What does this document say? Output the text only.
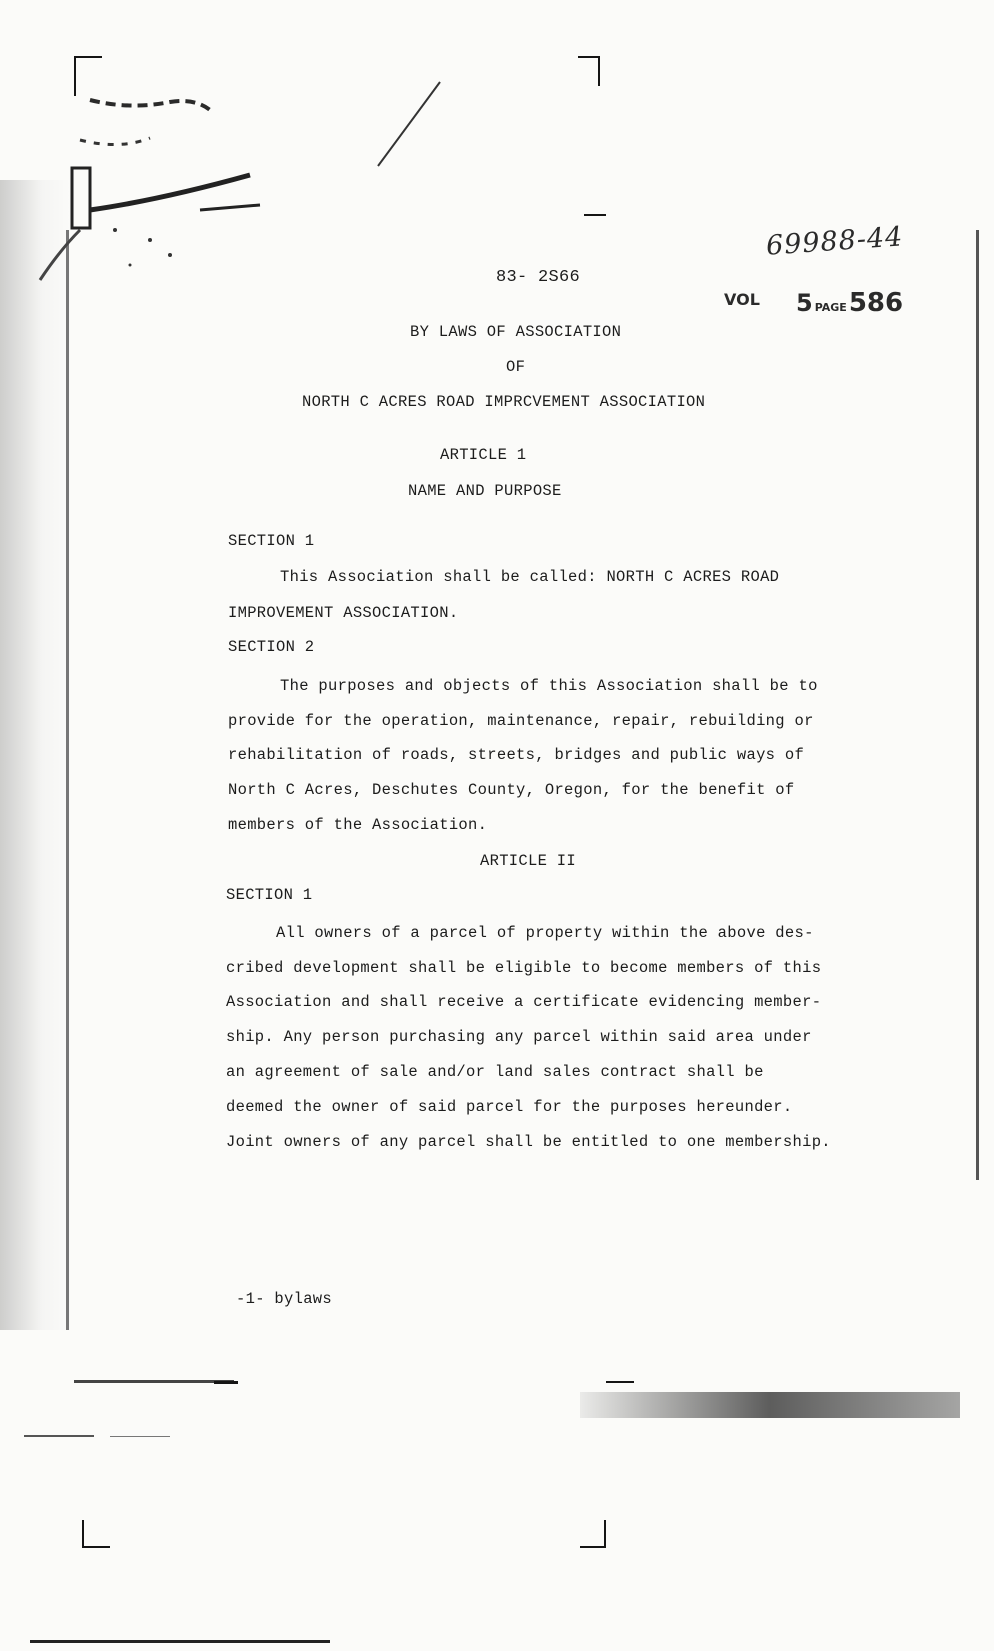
69988-44
83- 2S66
VOL 5 PAGE586
BY LAWS OF ASSOCIATION
OF
NORTH C ACRES ROAD IMPRCVEMENT ASSOCIATION
ARTICLE 1
NAME AND PURPOSE
SECTION 1
This Association shall be called: NORTH C ACRES ROAD
IMPROVEMENT ASSOCIATION.
SECTION 2
The purposes and objects of this Association shall be to
provide for the operation, maintenance, repair, rebuilding or
rehabilitation of roads, streets, bridges and public ways of
North C Acres, Deschutes County, Oregon, for the benefit of
members of the Association.
ARTICLE II
SECTION 1
All owners of a parcel of property within the above des-
cribed development shall be eligible to become members of this
Association and shall receive a certificate evidencing member-
ship. Any person purchasing any parcel within said area under
an agreement of sale and/or land sales contract shall be
deemed the owner of said parcel for the purposes hereunder.
Joint owners of any parcel shall be entitled to one membership.
-1- bylaws
